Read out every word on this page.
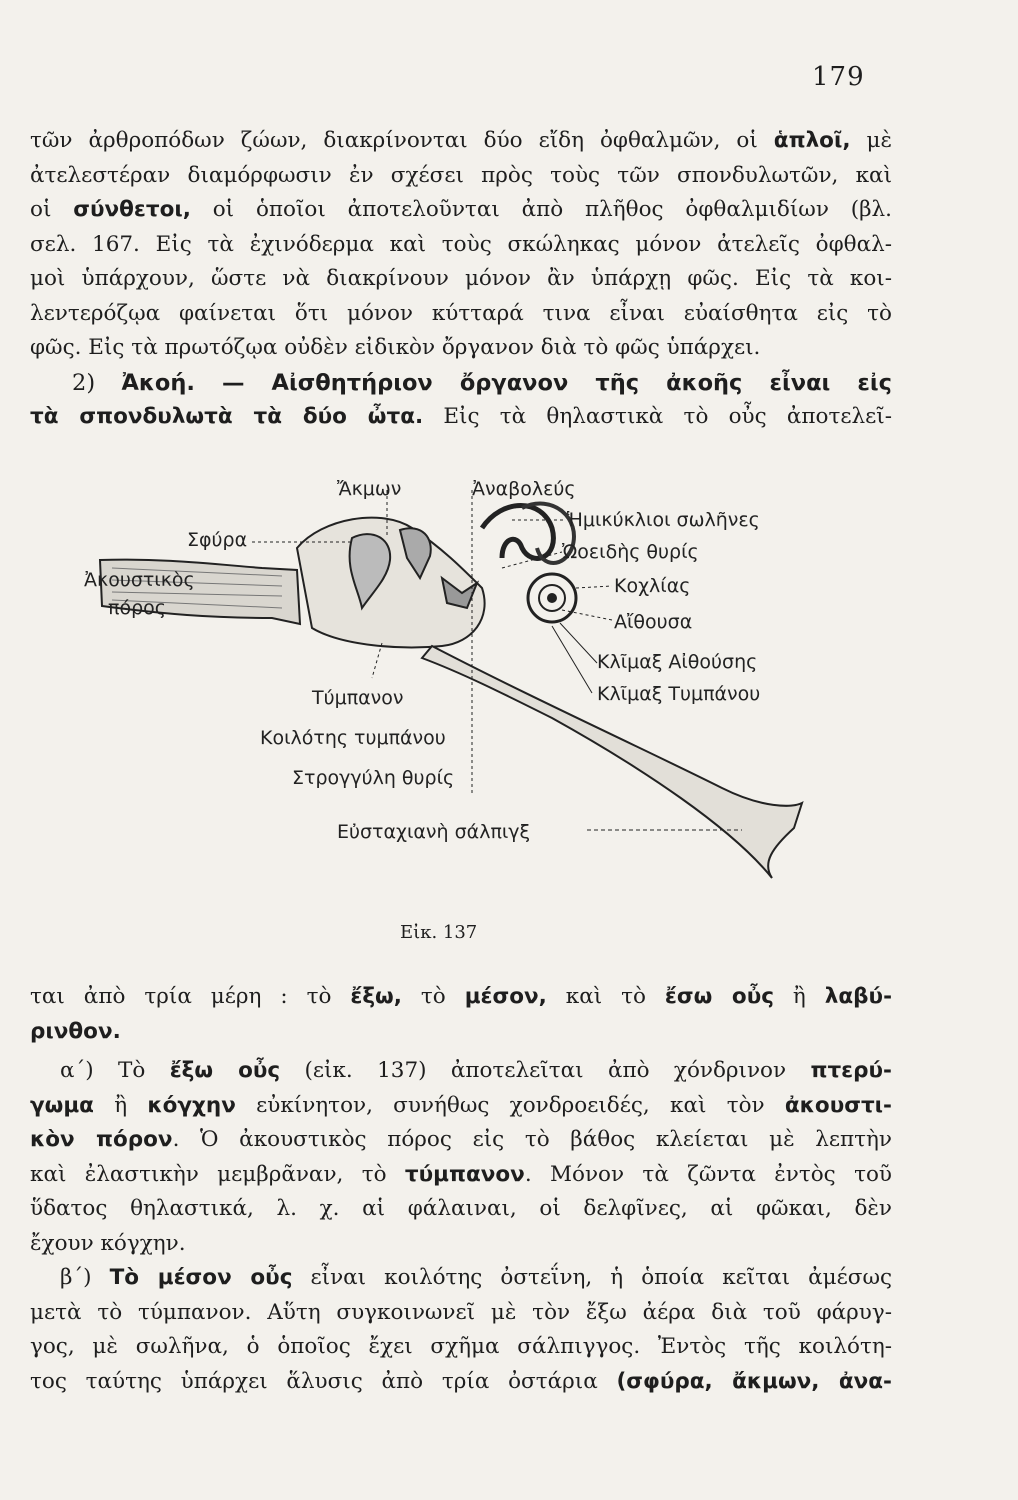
179
τῶν ἀρθροπόδων ζώων, διακρίνονται δύο εἴδη ὀφθαλμῶν, οἱ ἁπλοῖ, μὲ
ἀτελεστέραν διαμόρφωσιν ἐν σχέσει πρὸς τοὺς τῶν σπονδυλωτῶν, καὶ
οἱ σύνθετοι, οἱ ὁποῖοι ἀποτελοῦνται ἀπὸ πλῆθος ὀφθαλμιδίων (βλ.
σελ. 167. Εἰς τὰ ἐχινόδερμα καὶ τοὺς σκώληκας μόνον ἀτελεῖς ὀφθαλ-
μοὶ ὑπάρχουν, ὥστε νὰ διακρίνουν μόνον ἂν ὑπάρχῃ φῶς. Εἰς τὰ κοι-
λεντερόζῳα φαίνεται ὅτι μόνον κύτταρά τινα εἶναι εὐαίσθητα εἰς τὸ
φῶς. Εἰς τὰ πρωτόζῳα οὐδὲν εἰδικὸν ὄργανον διὰ τὸ φῶς ὑπάρχει.
2) Ἀκοή. — Αἰσθητήριον ὄργανον τῆς ἀκοῆς εἶναι εἰς
τὰ σπονδυλωτὰ τὰ δύο ὦτα. Εἰς τὰ θηλαστικὰ τὸ οὖς ἀποτελεῖ-
Ἄκμων	Ἀναβολεύς
Ἡμικύκλιοι σωλῆνες
Σφύρα
Ὠοειδὴς θυρίς
Ἀκουστικὸς
πόρος
Κοχλίας
Αἴθουσα
Κλῖμαξ Αἰθούσης
Κλῖμαξ Τυμπάνου
Τύμπανον
Κοιλότης τυμπάνου
Στρογγύλη θυρίς
Εὐσταχιανὴ σάλπιγξ
Εἰκ. 137
ται ἀπὸ τρία μέρη : τὸ ἔξω, τὸ μέσον, καὶ τὸ ἔσω οὖς ἢ λαβύ-
ρινθον.
α΄) Τὸ ἔξω οὖς (εἰκ. 137) ἀποτελεῖται ἀπὸ χόνδρινον πτερύ-
γωμα ἢ κόγχην εὐκίνητον, συνήθως χονδροειδές, καὶ τὸν ἀκουστι-
κὸν πόρον. Ὁ ἀκουστικὸς πόρος εἰς τὸ βάθος κλείεται μὲ λεπτὴν
καὶ ἐλαστικὴν μεμβρᾶναν, τὸ τύμπανον. Μόνον τὰ ζῶντα ἐντὸς τοῦ
ὕδατος θηλαστικά, λ. χ. αἱ φάλαιναι, οἱ δελφῖνες, αἱ φῶκαι, δὲν
ἔχουν κόγχην.
β΄) Τὸ μέσον οὖς εἶναι κοιλότης ὀστεΐνη, ἡ ὁποία κεῖται ἀμέσως
μετὰ τὸ τύμπανον. Αὕτη συγκοινωνεῖ μὲ τὸν ἔξω ἀέρα διὰ τοῦ φάρυγ-
γος, μὲ σωλῆνα, ὁ ὁποῖος ἔχει σχῆμα σάλπιγγος. Ἐντὸς τῆς κοιλότη-
τος ταύτης ὑπάρχει ἅλυσις ἀπὸ τρία ὀστάρια (σφύρα, ἄκμων, ἀνα-
